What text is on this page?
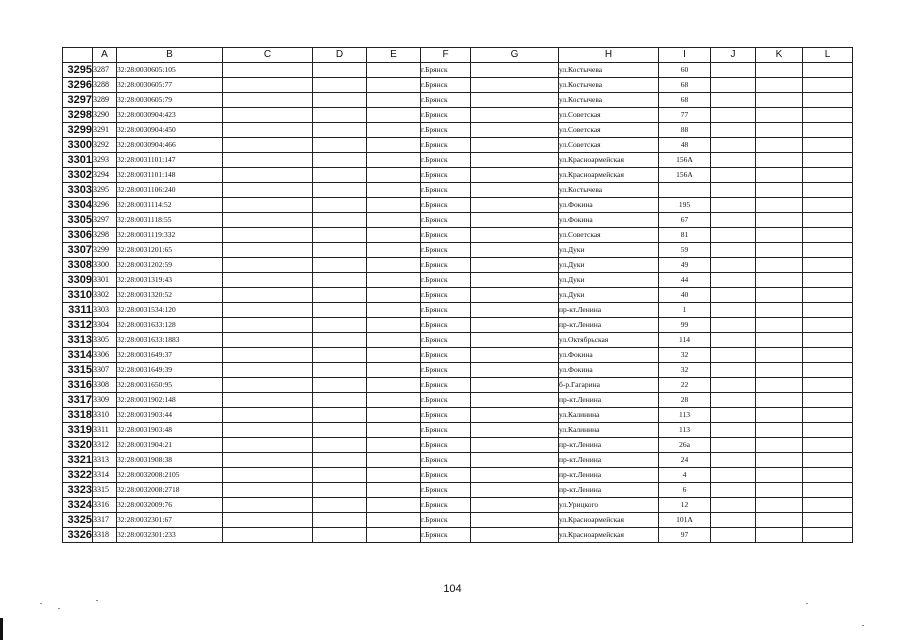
	A	B	C	D	E	F	G	H	I	J	K	L
3295	3287	32:28:0030605:105				г.Брянск		ул.Костычева	60			
3296	3288	32:28:0030605:77				г.Брянск		ул.Костычева	68			
3297	3289	32:28:0030605:79				г.Брянск		ул.Костычева	68			
3298	3290	32:28:0030904:423				г.Брянск		ул.Советская	77			
3299	3291	32:28:0030904:450				г.Брянск		ул.Советская	88			
3300	3292	32:28:0030904:466				г.Брянск		ул.Советская	48			
3301	3293	32:28:0031101:147				г.Брянск		ул.Красноармейская	156А			
3302	3294	32:28:0031101:148				г.Брянск		ул.Красноармейская	156А			
3303	3295	32:28:0031106:240				г.Брянск		ул.Костычева				
3304	3296	32:28:0031114:52				г.Брянск		ул.Фокина	195			
3305	3297	32:28:0031118:55				г.Брянск		ул.Фокина	67			
3306	3298	32:28:0031119:332				г.Брянск		ул.Советская	81			
3307	3299	32:28:0031201:65				г.Брянск		ул.Дуки	59			
3308	3300	32:28:0031202:59				г.Брянск		ул.Дуки	49			
3309	3301	32:28:0031319:43				г.Брянск		ул.Дуки	44			
3310	3302	32:28:0031320:52				г.Брянск		ул.Дуки	40			
3311	3303	32:28:0031534:120				г.Брянск		пр-кт.Ленина	1			
3312	3304	32:28:0031633:128				г.Брянск		пр-кт.Ленина	99			
3313	3305	32:28:0031633:1883				г.Брянск		ул.Октябрьская	114			
3314	3306	32:28:0031649:37				г.Брянск		ул.Фокина	32			
3315	3307	32:28:0031649:39				г.Брянск		ул.Фокина	32			
3316	3308	32:28:0031650:95				г.Брянск		б-р.Гагарина	22			
3317	3309	32:28:0031902:148				г.Брянск		пр-кт.Ленина	28			
3318	3310	32:28:0031903:44				г.Брянск		ул.Калинина	113			
3319	3311	32:28:0031903:48				г.Брянск		ул.Калинина	113			
3320	3312	32:28:0031904:21				г.Брянск		пр-кт.Ленина	26а			
3321	3313	32:28:0031908:38				г.Брянск		пр-кт.Ленина	24			
3322	3314	32:28:0032008:2105				г.Брянск		пр-кт.Ленина	4			
3323	3315	32:28:0032008:2718				г.Брянск		пр-кт.Ленина	6			
3324	3316	32:28:0032009:76				г.Брянск		ул.Урицкого	12			
3325	3317	32:28:0032301:67				г.Брянск		ул.Красноармейская	101А			
3326	3318	32:28:0032301:233				г.Брянск		ул.Красноармейская	97			
104
